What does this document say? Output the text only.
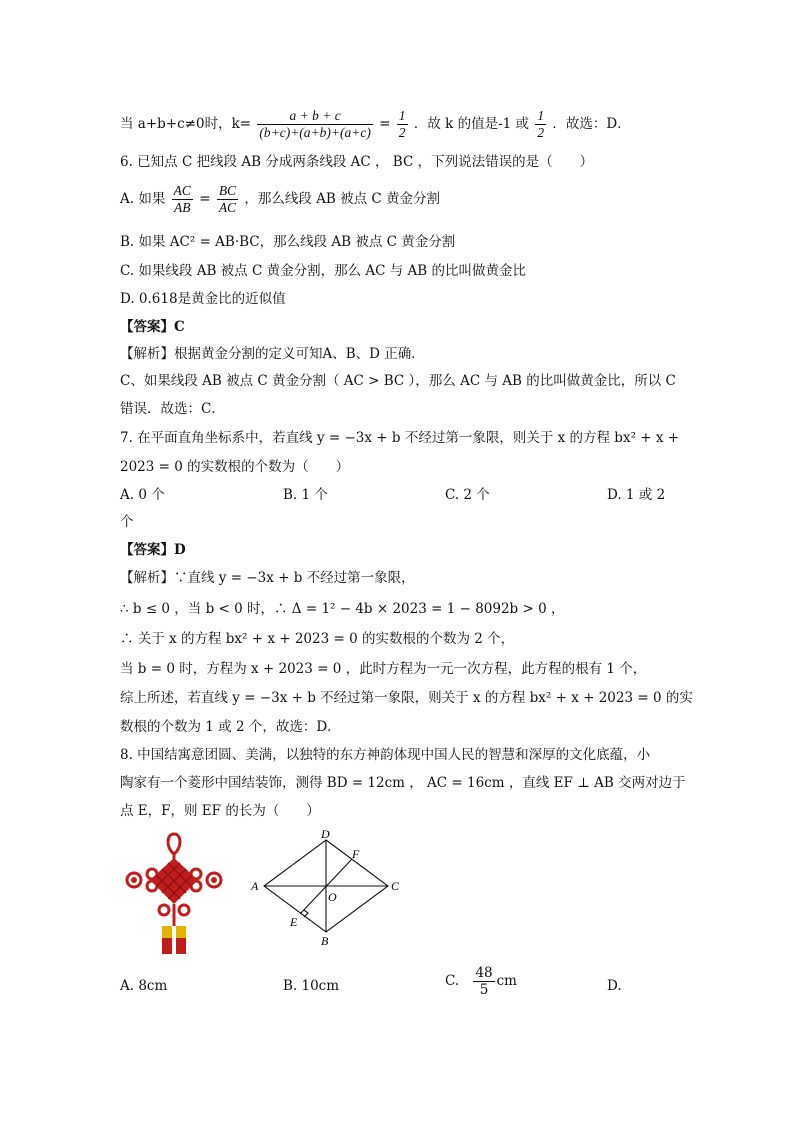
当 a+b+c≠0时，$k= \frac{a + b + c}{(b+c)+(a+b)+(a+c)} = \frac{1}{2}$ ．故 k 的值是-1 或 $\frac{1}{2}$ ．故选：D．
6. 已知点 C 把线段 AB 分成两条线段 AC ， BC ，下列说法错误的是（　　）
A. 如果 $\frac{AC}{AB} = \frac{BC}{AC}$ ，那么线段 AB 被点 C 黄金分割
B. 如果 AC² = AB·BC，那么线段 AB 被点 C 黄金分割
C. 如果线段 AB 被点 C 黄金分割，那么 AC 与 AB 的比叫做黄金比
D. 0.618是黄金比的近似值
【答案】C
【解析】根据黄金分割的定义可知A、B、D 正确．
C、如果线段 AB 被点 C 黄金分割（ AC > BC ），那么 AC 与 AB 的比叫做黄金比，所以 C
错误．故选：C．
7. 在平面直角坐标系中，若直线 y = −3x + b 不经过第一象限，则关于 x 的方程 bx² + x +
2023 = 0 的实数根的个数为（　　）
A. 0 个	B. 1 个	C. 2 个	D. 1 或 2
个
【答案】D
【解析】∵直线 y = −3x + b 不经过第一象限，
∴ b ≤ 0 ，当 b < 0 时，∴ Δ = 1² − 4b × 2023 = 1 − 8092b > 0 ，
∴ 关于 x 的方程 bx² + x + 2023 = 0 的实数根的个数为 2 个，
当 b = 0 时，方程为 x + 2023 = 0 ，此时方程为一元一次方程，此方程的根有 1 个，
综上所述，若直线 y = −3x + b 不经过第一象限，则关于 x 的方程 bx² + x + 2023 = 0 的实
数根的个数为 1 或 2 个，故选：D．
8. 中国结寓意团圆、美满，以独特的东方神韵体现中国人民的智慧和深厚的文化底蕴，小
陶家有一个菱形中国结装饰，测得 BD = 12cm ， AC = 16cm ，直线 EF ⊥ AB 交两对边于
点 E，F，则 EF 的长为（　　）
D
F
A
O
C
E
B
A. 8cm	B. 10cm	C. $\frac{48}{5}$ cm	D.
